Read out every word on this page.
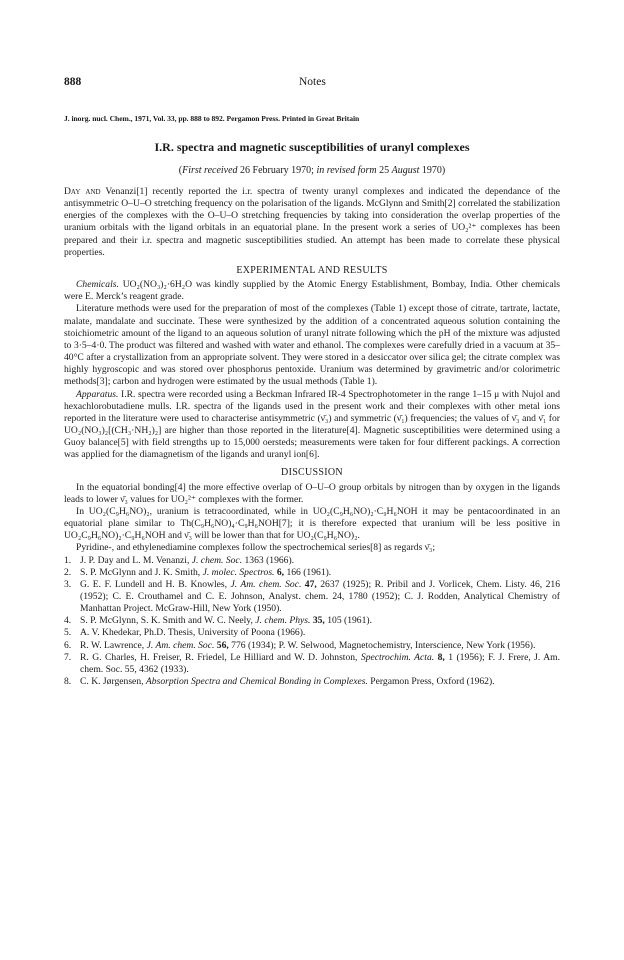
888	Notes
J. inorg. nucl. Chem., 1971, Vol. 33, pp. 888 to 892. Pergamon Press. Printed in Great Britain
I.R. spectra and magnetic susceptibilities of uranyl complexes
(First received 26 February 1970; in revised form 25 August 1970)

Day and Venanzi[1] recently reported the i.r. spectra of twenty uranyl complexes and indicated the dependance of the antisymmetric O–U–O stretching frequency on the polarisation of the ligands. McGlynn and Smith[2] correlated the stabilization energies of the complexes with the O–U–O stretching frequencies by taking into consideration the overlap properties of the uranium orbitals with the ligand orbitals in an equatorial plane. In the present work a series of UO₂²⁺ complexes has been prepared and their i.r. spectra and magnetic susceptibilities studied. An attempt has been made to correlate these physical properties.

EXPERIMENTAL AND RESULTS

Chemicals. UO₂(NO₃)₂·6H₂O was kindly supplied by the Atomic Energy Establishment, Bombay, India. Other chemicals were E. Merck’s reagent grade.

Literature methods were used for the preparation of most of the complexes (Table 1) except those of citrate, tartrate, lactate, malate, mandalate and succinate. These were synthesized by the addition of a concentrated aqueous solution containing the stoichiometric amount of the ligand to an aqueous solution of uranyl nitrate following which the pH of the mixture was adjusted to 3·5–4·0. The product was filtered and washed with water and ethanol. The complexes were carefully dried in a vacuum at 35–40°C after a crystallization from an appropriate solvent. They were stored in a desiccator over silica gel; the citrate complex was highly hygroscopic and was stored over phosphorus pentoxide. Uranium was determined by gravimetric and/or colorimetric methods[3]; carbon and hydrogen were estimated by the usual methods (Table 1).

Apparatus. I.R. spectra were recorded using a Beckman Infrared IR-4 Spectrophotometer in the range 1–15 μ with Nujol and hexachlorobutadiene mulls. I.R. spectra of the ligands used in the present work and their complexes with other metal ions reported in the literature were used to characterise antisymmetric (ν̄₃) and symmetric (ν̄₁) frequencies; the values of ν̄₃ and ν̄₁ for UO₂(NO₃)₂[(CH₃·NH₂)₂] are higher than those reported in the literature[4]. Magnetic susceptibilities were determined using a Guoy balance[5] with field strengths up to 15,000 oersteds; measurements were taken for four different packings. A correction was applied for the diamagnetism of the ligands and uranyl ion[6].

DISCUSSION

In the equatorial bonding[4] the more effective overlap of O–U–O group orbitals by nitrogen than by oxygen in the ligands leads to lower ν̄₃ values for UO₂²⁺ complexes with the former.

In UO₂(C₉H₆NO)₂, uranium is tetracoordinated, while in UO₂(C₉H₆NO)₂·C₉H₆NOH it may be pentacoordinated in an equatorial plane similar to Th(C₉H₆NO)₄·C₉H₆NOH[7]; it is therefore expected that uranium will be less positive in UO₂C₉H₆NO)₂·C₉H₆NOH and ν̄₃ will be lower than that for UO₂(C₉H₆NO)₂.

Pyridine-, and ethylenediamine complexes follow the spectrochemical series[8] as regards ν̄₃;

1. J. P. Day and L. M. Venanzi, J. chem. Soc. 1363 (1966).
2. S. P. McGlynn and J. K. Smith, J. molec. Spectros. 6, 166 (1961).
3. G. E. F. Lundell and H. B. Knowles, J. Am. chem. Soc. 47, 2637 (1925); R. Pribil and J. Vorlicek, Chem. Listy. 46, 216 (1952); C. E. Crouthamel and C. E. Johnson, Analyst. chem. 24, 1780 (1952); C. J. Rodden, Analytical Chemistry of Manhattan Project. McGraw-Hill, New York (1950).
4. S. P. McGlynn, S. K. Smith and W. C. Neely, J. chem. Phys. 35, 105 (1961).
5. A. V. Khedekar, Ph.D. Thesis, University of Poona (1966).
6. R. W. Lawrence, J. Am. chem. Soc. 56, 776 (1934); P. W. Selwood, Magnetochemistry, Interscience, New York (1956).
7. R. G. Charles, H. Freiser, R. Friedel, Le Hilliard and W. D. Johnston, Spectrochim. Acta. 8, 1 (1956); F. J. Frere, J. Am. chem. Soc. 55, 4362 (1933).
8. C. K. Jørgensen, Absorption Spectra and Chemical Bonding in Complexes. Pergamon Press, Oxford (1962).
